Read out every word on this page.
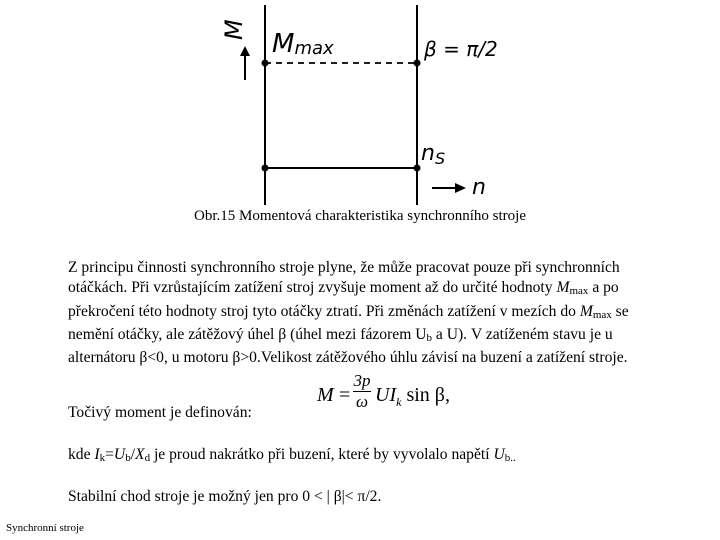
M Mmax	β = π/2
nS
n
Obr.15 Momentová charakteristika synchronního stroje
Z principu činnosti synchronního stroje plyne, že může pracovat pouze při synchronních otáčkách. Při vzrůstajícím zatížení stroj zvyšuje moment až do určité hodnoty Mmax a po překročení této hodnoty stroj tyto otáčky ztratí. Při změnách zatížení v mezích do Mmax se nemění otáčky, ale zátěžový úhel β (úhel mezi fázorem Ub a U). V zatíženém stavu je u alternátoru β<0, u motoru β>0.Velikost zátěžového úhlu závisí na buzení a zatížení stroje.
M =
3p
ω $UI_k$ sin β,
Točivý moment je definován:
kde Ik=Ub/Xd je proud nakrátko při buzení, které by vyvolalo napětí Ub..
Stabilní chod stroje je možný jen pro 0 < | β|< π/2.
Synchronní stroje
